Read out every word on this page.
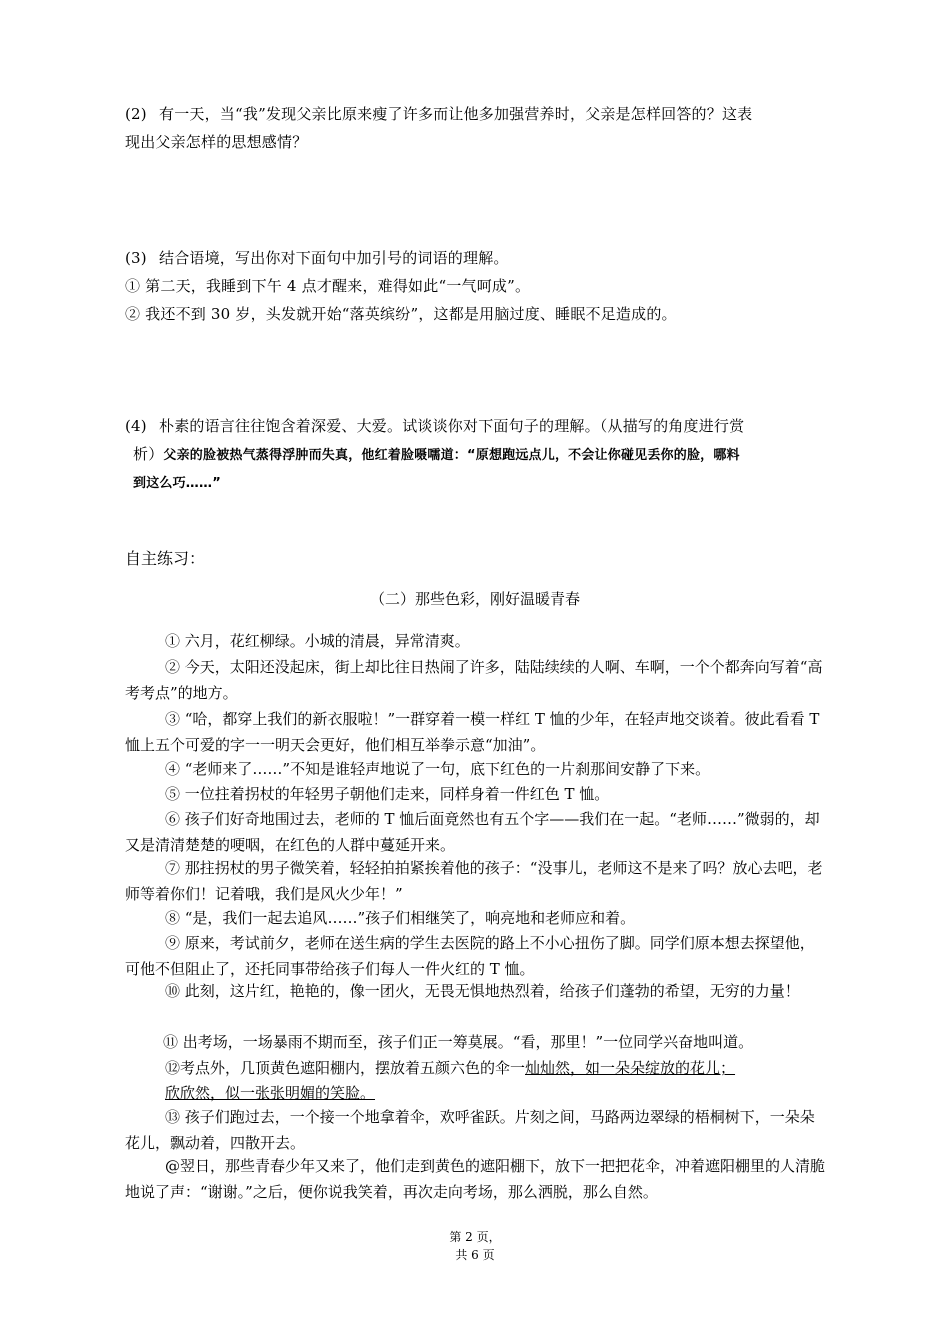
(2) 有一天，当“我”发现父亲比原来瘦了许多而让他多加强营养时，父亲是怎样回答的？这表
现出父亲怎样的思想感情？
(3) 结合语境，写出你对下面句中加引号的词语的理解。
① 第二天，我睡到下午 4 点才醒来，难得如此“一气呵成”。
② 我还不到 30 岁，头发就开始“落英缤纷”，这都是用脑过度、睡眠不足造成的。
(4) 朴素的语言往往饱含着深爱、大爱。试谈谈你对下面句子的理解。（从描写的角度进行赏
析）父亲的脸被热气蒸得浮肿而失真，他红着脸嗫嚅道：“原想跑远点儿，不会让你碰见丢你的脸，哪料
到这么巧……”
自主练习：
（二）那些色彩，刚好温暖青春
① 六月，花红柳绿。小城的清晨，异常清爽。
② 今天，太阳还没起床，街上却比往日热闹了许多，陆陆续续的人啊、车啊，一个个都奔向写着“高考考点”的地方。
③ “哈，都穿上我们的新衣服啦！”一群穿着一模一样红 T 恤的少年，在轻声地交谈着。彼此看看 T 恤上五个可爱的字一一明天会更好，他们相互举拳示意“加油”。
④ “老师来了……”不知是谁轻声地说了一句，底下红色的一片刹那间安静了下来。
⑤ 一位拄着拐杖的年轻男子朝他们走来，同样身着一件红色 T 恤。
⑥ 孩子们好奇地围过去，老师的 T 恤后面竟然也有五个字——我们在一起。“老师……”微弱的，却又是清清楚楚的哽咽，在红色的人群中蔓延开来。
⑦ 那拄拐杖的男子微笑着，轻轻拍拍紧挨着他的孩子：“没事儿，老师这不是来了吗？放心去吧，老师等着你们！记着哦，我们是风火少年！”
⑧ “是，我们一起去追风……”孩子们相继笑了，响亮地和老师应和着。
⑨ 原来，考试前夕，老师在送生病的学生去医院的路上不小心扭伤了脚。同学们原本想去探望他，可他不但阻止了，还托同事带给孩子们每人一件火红的 T 恤。
⑩ 此刻，这片红，艳艳的，像一团火，无畏无惧地热烈着，给孩子们蓬勃的希望，无穷的力量！
⑪ 出考场，一场暴雨不期而至，孩子们正一筹莫展。“看，那里！”一位同学兴奋地叫道。
⑫考点外，几顶黄色遮阳棚内，摆放着五颜六色的伞一灿灿然，如一朵朵绽放的花儿；
欣欣然，似一张张明媚的笑脸。
⑬ 孩子们跑过去，一个接一个地拿着伞，欢呼雀跃。片刻之间，马路两边翠绿的梧桐树下，一朵朵花儿，飘动着，四散开去。
@翌日，那些青春少年又来了，他们走到黄色的遮阳棚下，放下一把把花伞，冲着遮阳棚里的人清脆地说了声：“谢谢。”之后，便你说我笑着，再次走向考场，那么洒脱，那么自然。
第 2 页，
共 6 页
